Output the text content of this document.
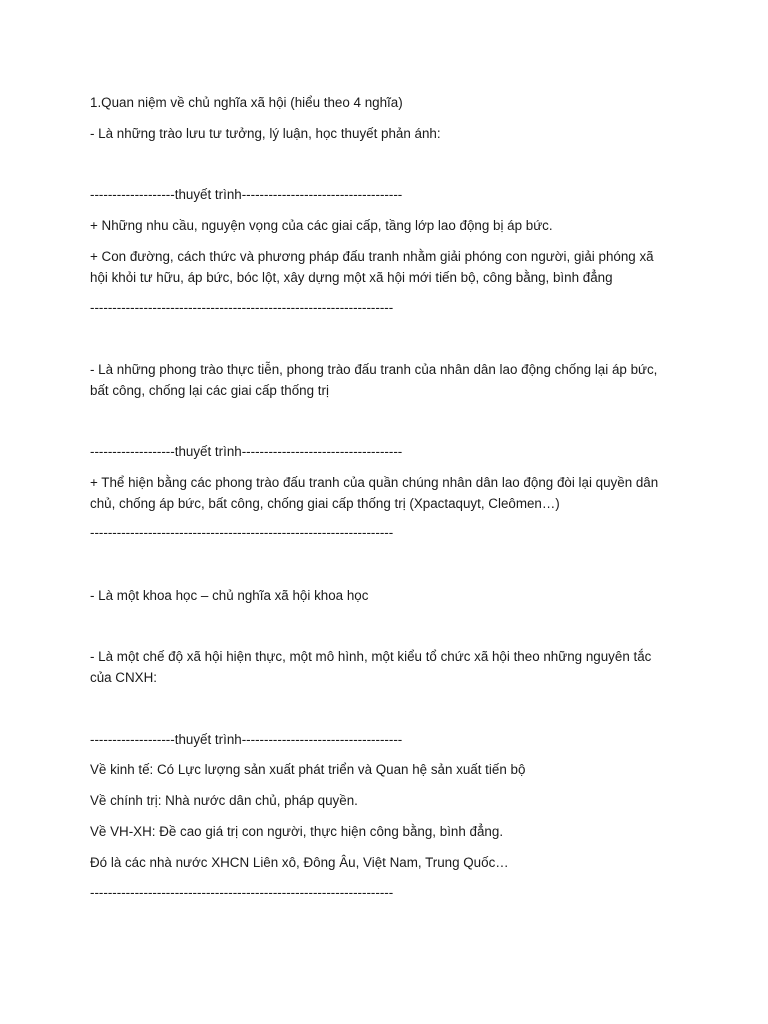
1.Quan niệm về chủ nghĩa xã hội (hiểu theo 4 nghĩa)
- Là những trào lưu tư tưởng, lý luận, học thuyết phản ánh:
-------------------thuyết trình------------------------------------
+ Những nhu cầu, nguyện vọng của các giai cấp, tầng lớp lao động bị áp bức.
+ Con đường, cách thức và phương pháp đấu tranh nhằm giải phóng con người, giải phóng xã
hội khỏi tư hữu, áp bức, bóc lột, xây dựng một xã hội mới tiến bộ, công bằng, bình đẳng
--------------------------------------------------------------------
- Là những phong trào thực tiễn, phong trào đấu tranh của nhân dân lao động chống lại áp bức,
bất công, chống lại các giai cấp thống trị
-------------------thuyết trình------------------------------------
+ Thể hiện bằng các phong trào đấu tranh của quần chúng nhân dân lao động đòi lại quyền dân
chủ, chống áp bức, bất công, chống giai cấp thống trị (Xpactaquyt, Cleômen…)
--------------------------------------------------------------------
- Là một khoa học – chủ nghĩa xã hội khoa học
- Là một chế độ xã hội hiện thực, một mô hình, một kiểu tổ chức xã hội theo những nguyên tắc
của CNXH:
-------------------thuyết trình------------------------------------
Về kinh tế: Có Lực lượng sản xuất phát triển và Quan hệ sản xuất tiến bộ
Về chính trị: Nhà nước dân chủ, pháp quyền.
Về VH-XH: Đề cao giá trị con người, thực hiện công bằng, bình đẳng.
Đó là các nhà nước XHCN Liên xô, Đông Âu, Việt Nam, Trung Quốc…
--------------------------------------------------------------------
